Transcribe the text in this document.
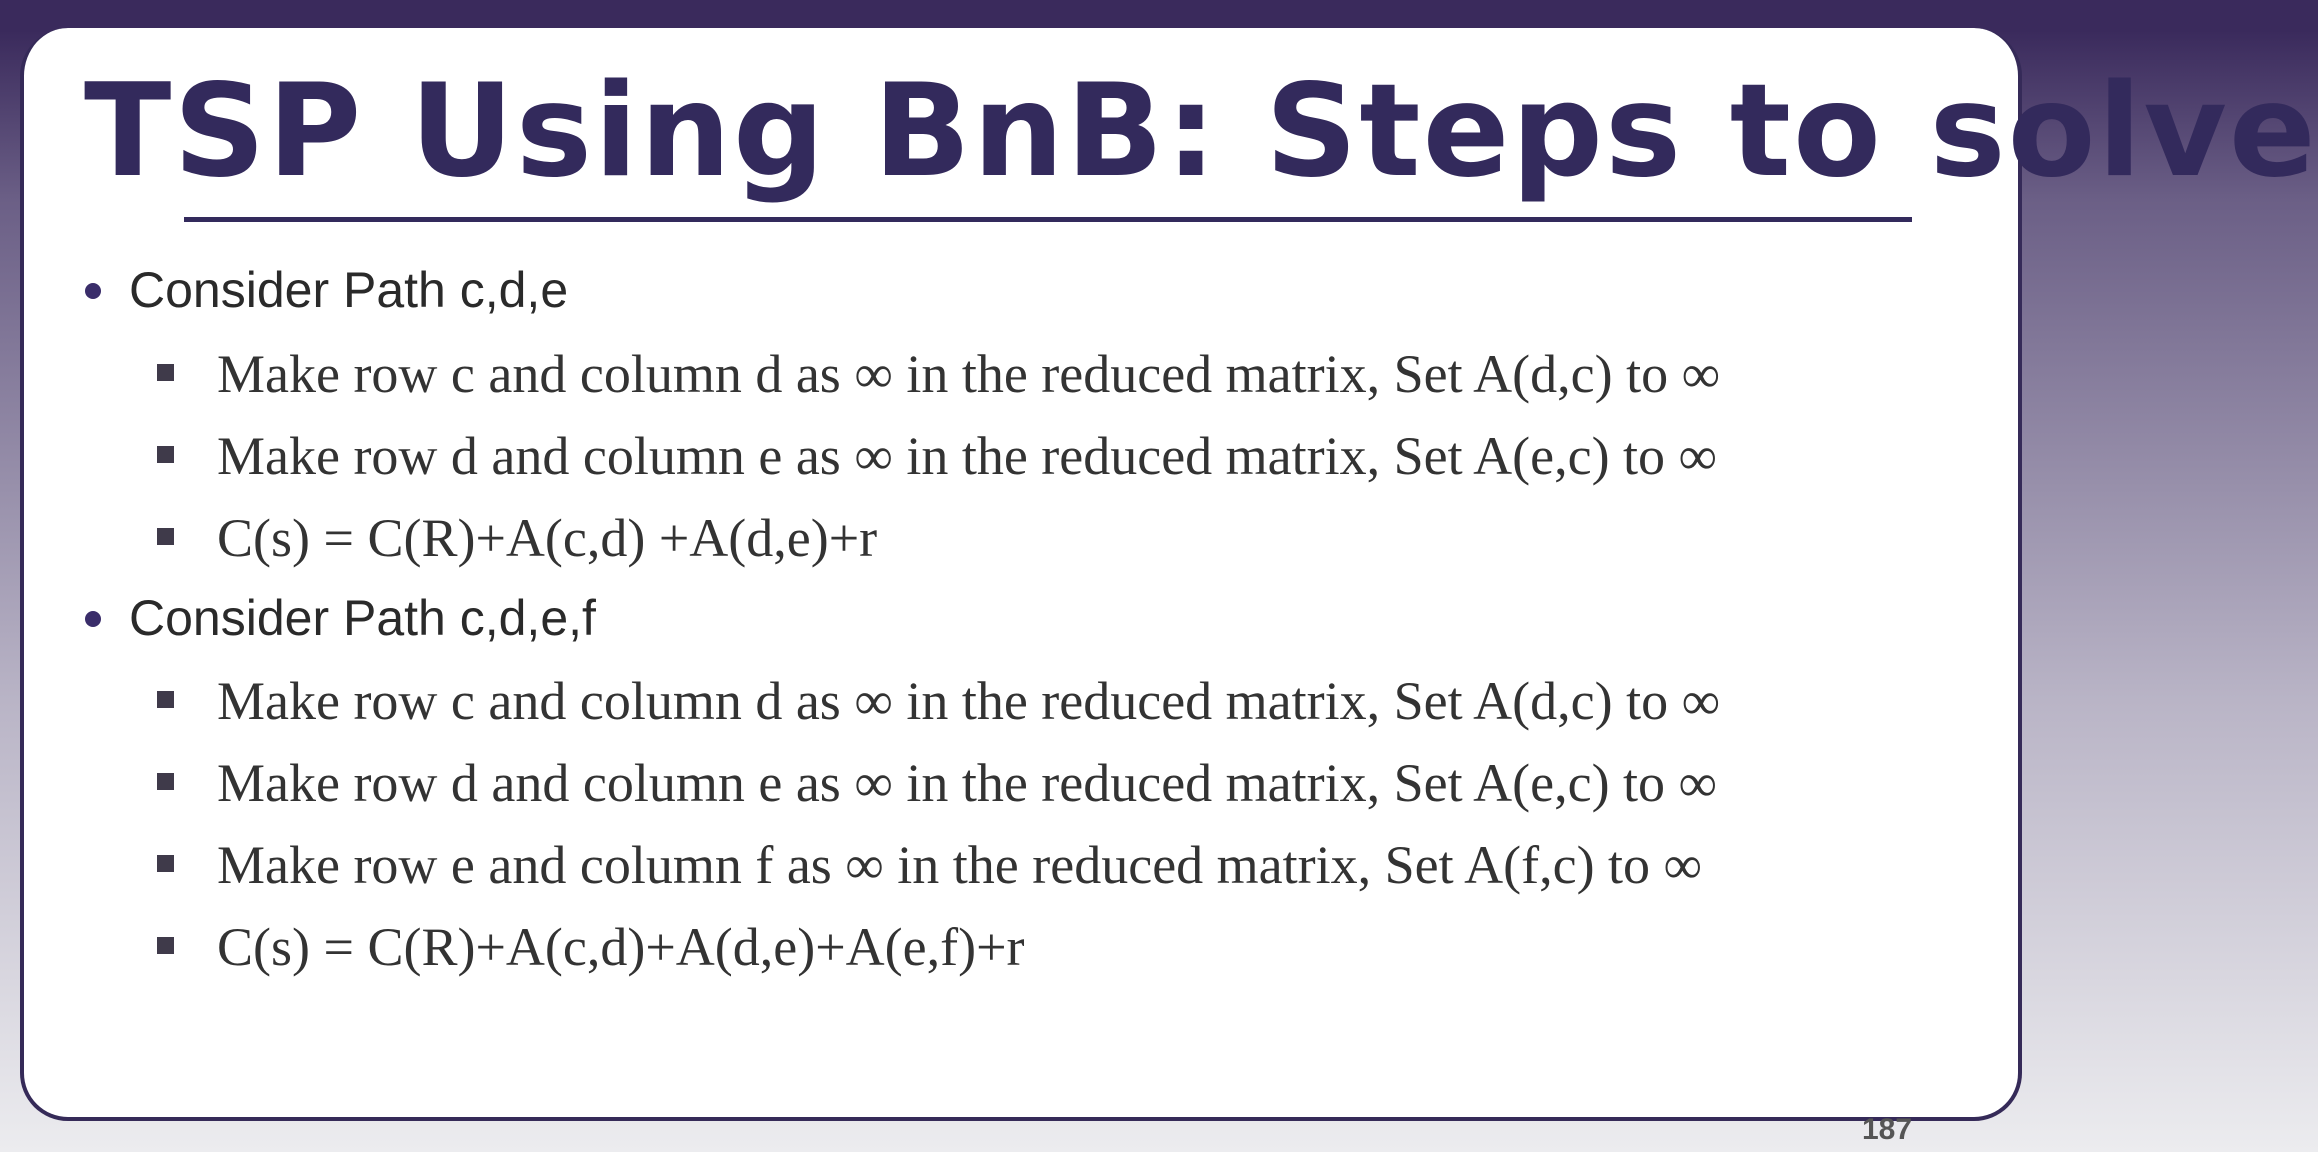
TSP Using BnB: Steps to solve
Consider Path c,d,e
Make row c and column d as ∞ in the reduced matrix, Set A(d,c) to ∞
Make row d and column e as ∞ in the reduced matrix, Set A(e,c) to ∞
C(s) = C(R)+A(c,d) +A(d,e)+r
Consider Path c,d,e,f
Make row c and column d as ∞ in the reduced matrix, Set A(d,c) to ∞
Make row d and column e as ∞ in the reduced matrix, Set A(e,c) to ∞
Make row e and column f as ∞ in the reduced matrix, Set A(f,c) to ∞
C(s) = C(R)+A(c,d)+A(d,e)+A(e,f)+r
187
